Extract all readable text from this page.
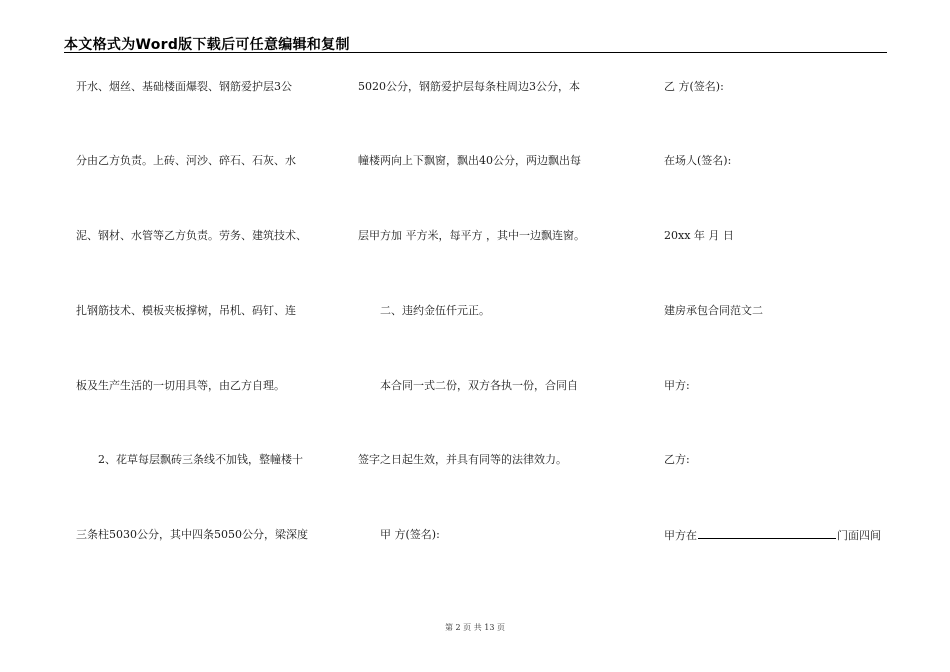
本文格式为Word版下载后可任意编辑和复制
开水、烟丝、基础楼面爆裂、钢筋爱护层3公
分由乙方负责。上砖、河沙、碎石、石灰、水
泥、钢材、水管等乙方负责。劳务、建筑技术、
扎钢筋技术、模板夹板撑树，吊机、码钉、连
板及生产生活的一切用具等，由乙方自理。
　　2、花草每层飘砖三条线不加钱，整幢楼十
三条柱5030公分，其中四条5050公分，梁深度
5020公分，钢筋爱护层每条柱周边3公分，本
幢楼两向上下飘窗，飘出40公分，两边飘出每
层甲方加 平方米，每平方 ，其中一边飘连窗。
　　二、违约金伍仟元正。
　　本合同一式二份，双方各执一份，合同自
签字之日起生效，并具有同等的法律效力。
　　甲 方(签名):
乙 方(签名):
在场人(签名):
20xx 年 月 日
建房承包合同范文二
甲方:
乙方:
甲方在	门面四间
第 2 页 共 13 页
